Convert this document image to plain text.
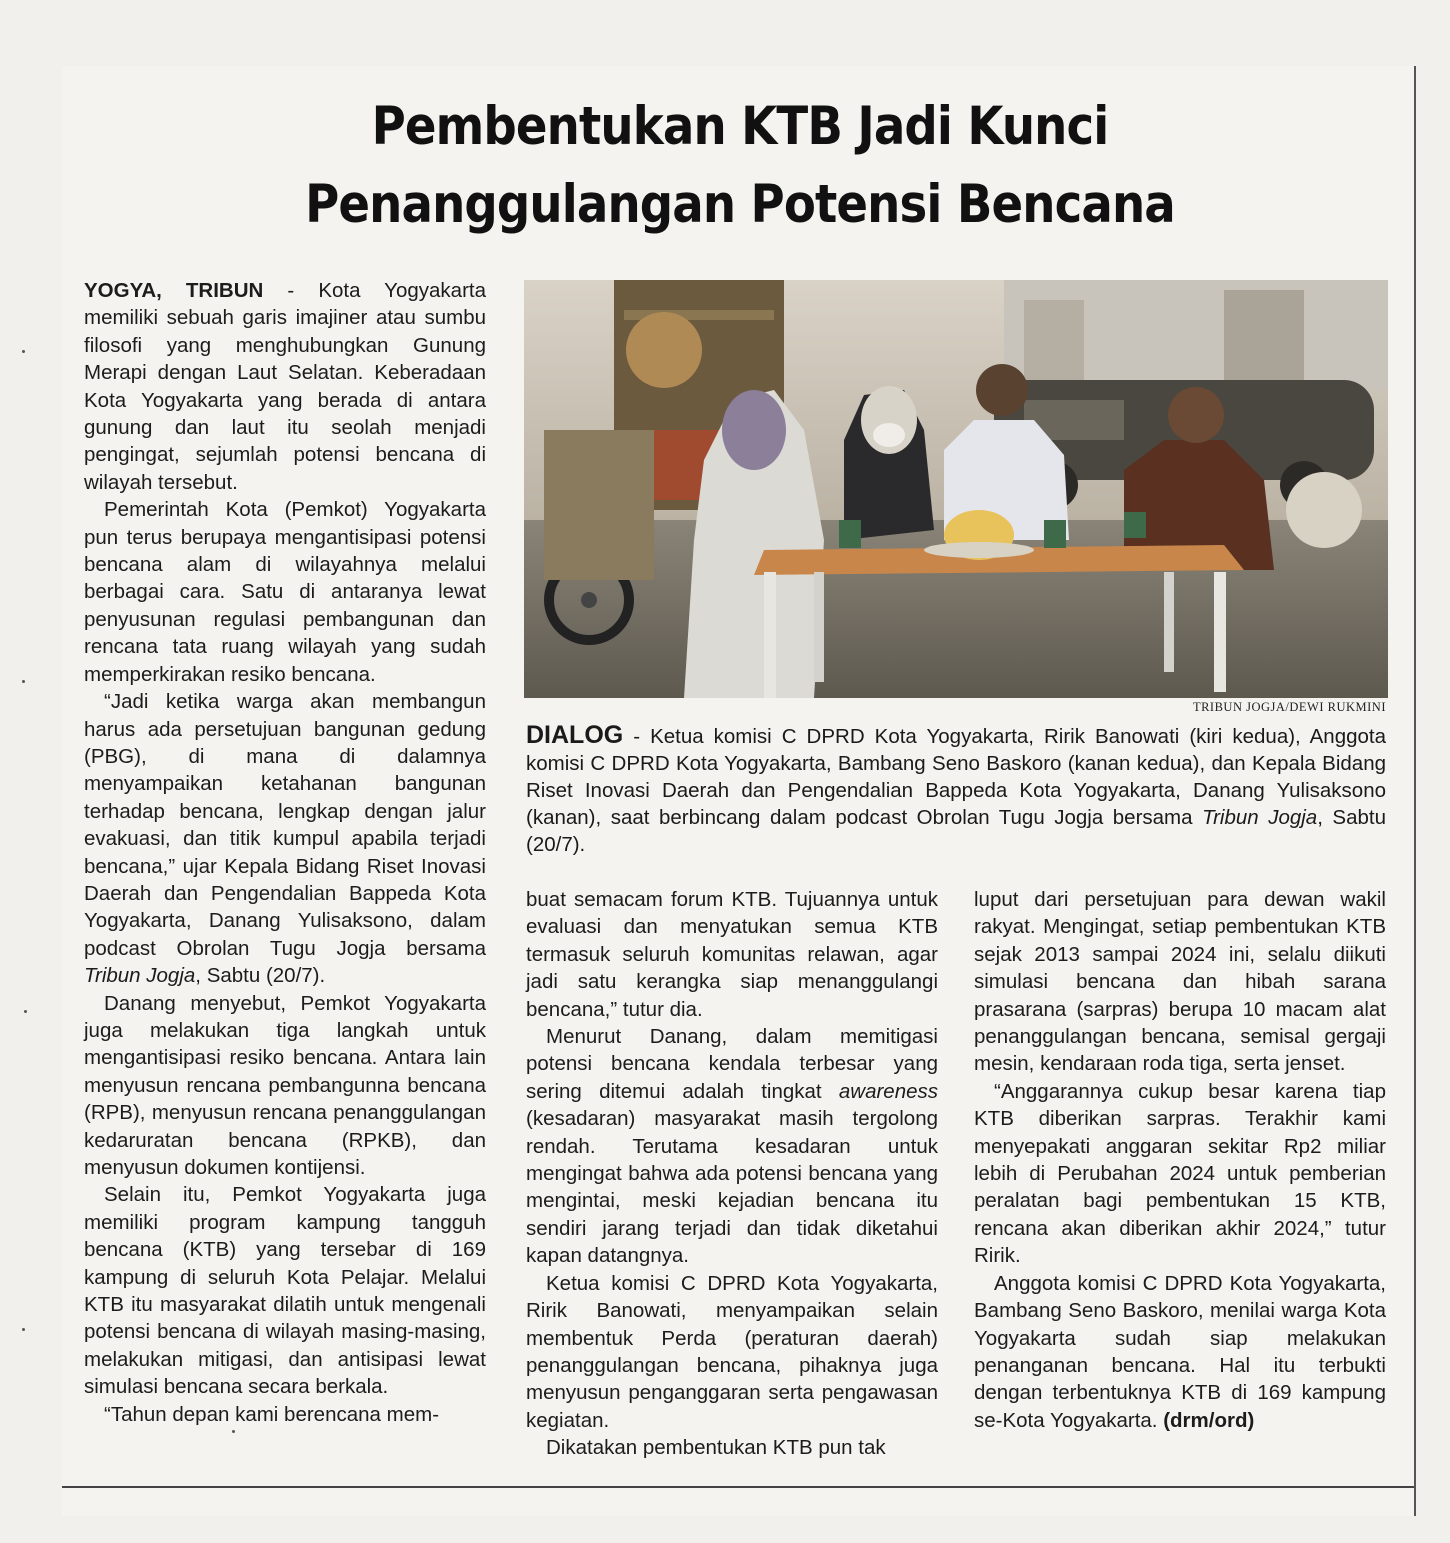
Pembentukan KTB Jadi Kunci
Penanggulangan Potensi Bencana

YOGYA, TRIBUN - Kota Yogyakarta memiliki sebuah garis imajiner atau sumbu filosofi yang menghubungkan Gunung Merapi dengan Laut Selatan. Keberadaan Kota Yogyakarta yang berada di antara gunung dan laut itu seolah menjadi pengingat, sejumlah potensi bencana di wilayah tersebut.

Pemerintah Kota (Pemkot) Yogyakarta pun terus berupaya mengantisipasi potensi bencana alam di wilayahnya melalui berbagai cara. Satu di antaranya lewat penyusunan regulasi pembangunan dan rencana tata ruang wilayah yang sudah memperkirakan resiko bencana.

“Jadi ketika warga akan membangun harus ada persetujuan bangunan gedung (PBG), di mana di dalamnya menyampaikan ketahanan bangunan terhadap bencana, lengkap dengan jalur evakuasi, dan titik kumpul apabila terjadi bencana,” ujar Kepala Bidang Riset Inovasi Daerah dan Pengendalian Bappeda Kota Yogyakarta, Danang Yulisaksono, dalam podcast Obrolan Tugu Jogja bersama Tribun Jogja, Sabtu (20/7).

Danang menyebut, Pemkot Yogyakarta juga melakukan tiga langkah untuk mengantisipasi resiko bencana. Antara lain menyusun rencana pembangunna bencana (RPB), menyusun rencana penanggulangan kedaruratan bencana (RPKB), dan menyusun dokumen kontijensi.

Selain itu, Pemkot Yogyakarta juga memiliki program kampung tangguh bencana (KTB) yang tersebar di 169 kampung di seluruh Kota Pelajar. Melalui KTB itu masyarakat dilatih untuk mengenali potensi bencana di wilayah masing-masing, melakukan mitigasi, dan antisipasi lewat simulasi bencana secara berkala.

“Tahun depan kami berencana mem-

TRIBUN JOGJA/DEWI RUKMINI
DIALOG - Ketua komisi C DPRD Kota Yogyakarta, Ririk Banowati (kiri kedua), Anggota komisi C DPRD Kota Yogyakarta, Bambang Seno Baskoro (kanan kedua), dan Kepala Bidang Riset Inovasi Daerah dan Pengendalian Bappeda Kota Yogyakarta, Danang Yulisaksono (kanan), saat berbincang dalam podcast Obrolan Tugu Jogja bersama Tribun Jogja, Sabtu (20/7).

buat semacam forum KTB. Tujuannya untuk evaluasi dan menyatukan semua KTB termasuk seluruh komunitas relawan, agar jadi satu kerangka siap menanggulangi bencana,” tutur dia.

Menurut Danang, dalam memitigasi potensi bencana kendala terbesar yang sering ditemui adalah tingkat awareness (kesadaran) masyarakat masih tergolong rendah. Terutama kesadaran untuk mengingat bahwa ada potensi bencana yang mengintai, meski kejadian bencana itu sendiri jarang terjadi dan tidak diketahui kapan datangnya.

Ketua komisi C DPRD Kota Yogyakarta, Ririk Banowati, menyampaikan selain membentuk Perda (peraturan daerah) penanggulangan bencana, pihaknya juga menyusun penganggaran serta pengawasan kegiatan.

Dikatakan pembentukan KTB pun tak

luput dari persetujuan para dewan wakil rakyat. Mengingat, setiap pembentukan KTB sejak 2013 sampai 2024 ini, selalu diikuti simulasi bencana dan hibah sarana prasarana (sarpras) berupa 10 macam alat penanggulangan bencana, semisal gergaji mesin, kendaraan roda tiga, serta jenset.

“Anggarannya cukup besar karena tiap KTB diberikan sarpras. Terakhir kami menyepakati anggaran sekitar Rp2 miliar lebih di Perubahan 2024 untuk pemberian peralatan bagi pembentukan 15 KTB, rencana akan diberikan akhir 2024,” tutur Ririk.

Anggota komisi C DPRD Kota Yogyakarta, Bambang Seno Baskoro, menilai warga Kota Yogyakarta sudah siap melakukan penanganan bencana. Hal itu terbukti dengan terbentuknya KTB di 169 kampung se-Kota Yogyakarta. (drm/ord)
